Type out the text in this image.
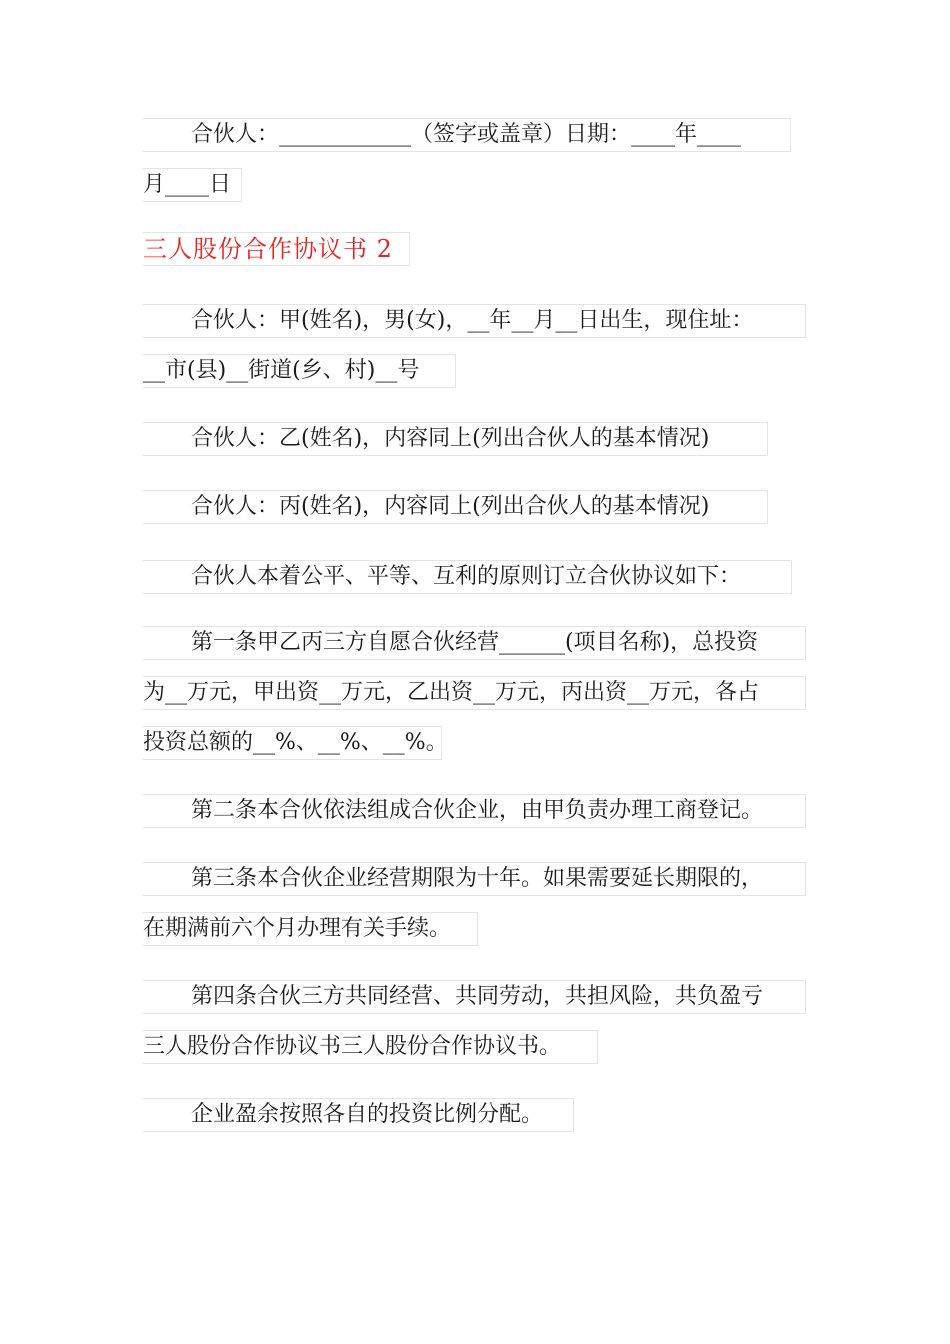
合伙人：____________（签字或盖章）日期：____年____
月____日
三人股份合作协议书 2
合伙人：甲(姓名)，男(女)，__年__月__日出生，现住址：
__市(县)__街道(乡、村)__号
合伙人：乙(姓名)，内容同上(列出合伙人的基本情况)
合伙人：丙(姓名)，内容同上(列出合伙人的基本情况)
合伙人本着公平、平等、互利的原则订立合伙协议如下：
第一条甲乙丙三方自愿合伙经营______(项目名称)，总投资
为__万元，甲出资__万元，乙出资__万元，丙出资__万元，各占
投资总额的__%、__%、__%。
第二条本合伙依法组成合伙企业，由甲负责办理工商登记。
第三条本合伙企业经营期限为十年。如果需要延长期限的，
在期满前六个月办理有关手续。
第四条合伙三方共同经营、共同劳动，共担风险，共负盈亏
三人股份合作协议书三人股份合作协议书。
企业盈余按照各自的投资比例分配。
